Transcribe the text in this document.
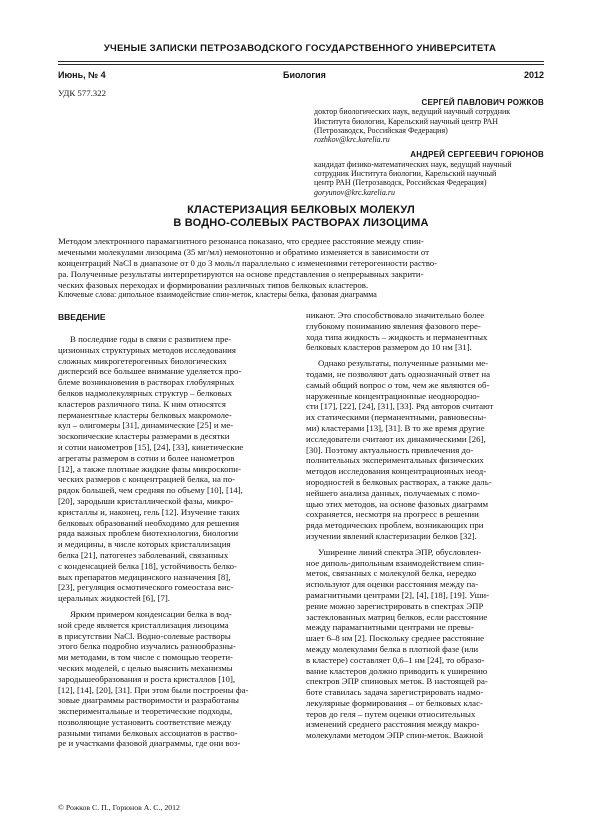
УЧЕНЫЕ ЗАПИСКИ ПЕТРОЗАВОДСКОГО ГОСУДАРСТВЕННОГО УНИВЕРСИТЕТА
Июнь, № 4	Биология	2012
УДК 577.322
СЕРГЕЙ ПАВЛОВИЧ РОЖКОВ
доктор биологических наук, ведущий научный сотрудник
Института биологии, Карельский научный центр РАН
(Петрозаводск, Российская Федерация)
rozhkov@krc.karelia.ru
АНДРЕЙ СЕРГЕЕВИЧ ГОРЮНОВ
кандидат физико-математических наук, ведущий научный
сотрудник Института биологии, Карельский научный
центр РАН (Петрозаводск, Российская Федерация)
goryunov@krc.karelia.ru
КЛАСТЕРИЗАЦИЯ БЕЛКОВЫХ МОЛЕКУЛ
В ВОДНО-СОЛЕВЫХ РАСТВОРАХ ЛИЗОЦИМА
Методом электронного парамагнитного резонанса показано, что среднее расстояние между спин-
мечеными молекулами лизоцима (35 мг/мл) немонотонно и обратимо изменяется в зависимости от
концентраций NaCl в диапазоне от 0 до 3 моль/л параллельно с изменениями гетерогенности раство-
ра. Полученные результаты интерпретируются на основе представления о непрерывных закрити-
ческих фазовых переходах и формировании различных типов белковых кластеров.
Ключевые слова: дипольное взаимодействие спин-меток, кластеры белка, фазовая диаграмма
ВВЕДЕНИЕ
В последние годы в связи с развитием пре-
цизионных структурных методов исследования
сложных микрогетерогенных биологических
дисперсий все большее внимание уделяется про-
блеме возникновения в растворах глобулярных
белков надмолекулярных структур – белковых
кластеров различного типа. К ним относятся
перманентные кластеры белковых макромоле-
кул – олигомеры [31], динамические [25] и ме-
зоскопические кластеры размерами в десятки
и сотни нанометров [15], [24], [33], кинетические
агрегаты размером в сотни и более нанометров
[12], а также плотные жидкие фазы микроскопи-
ческих размеров с концентрацией белка, на по-
рядок большей, чем средняя по объему [10], [14],
[20], зародыши кристаллической фазы, микро-
кристаллы и, наконец, гель [12]. Изучение таких
белковых образований необходимо для решения
ряда важных проблем биотехнологии, биологии
и медицины, в числе которых кристаллизация
белка [21], патогенез заболеваний, связанных
с конденсацией белка [18], устойчивость белко-
вых препаратов медицинского назначения [8],
[23], регуляция осмотического гомеостаза вис-
церальных жидкостей [6], [7].
Ярким примером конденсации белка в вод-
ной среде является кристаллизация лизоцима
в присутствии NaCl. Водно-солевые растворы
этого белка подробно изучались разнообразны-
ми методами, в том числе с помощью теорети-
ческих моделей, с целью выяснить механизмы
зародышеобразования и роста кристаллов [10],
[12], [14], [20], [31]. При этом были построены фа-
зовые диаграммы растворимости и разработаны
экспериментальные и теоретические подходы,
позволяющие установить соответствие между
разными типами белковых ассоциатов в раство-
ре и участками фазовой диаграммы, где они воз-
никают. Это способствовало значительно более
глубокому пониманию явления фазового пере-
хода типа жидкость – жидкость и перманентных
белковых кластеров размером до 10 нм [31].
Однако результаты, полученные разными ме-
тодами, не позволяют дать однозначный ответ на
самый общий вопрос о том, чем же являются об-
наруженные концентрационные неоднородно-
сти [17], [22], [24], [31], [33]. Ряд авторов считают
их статическими (перманентными, равновесны-
ми) кластерами [13], [31]. В то же время другие
исследователи считают их динамическими [26],
[30]. Поэтому актуальность привлечения до-
полнительных экспериментальных физических
методов исследования концентрационных неод-
нородностей в белковых растворах, а также даль-
нейшего анализа данных, получаемых с помо-
щью этих методов, на основе фазовых диаграмм
сохраняется, несмотря на прогресс в решении
ряда методических проблем, возникающих при
изучении явлений кластеризации белков [32].
Уширение линий спектра ЭПР, обусловлен-
ное диполь-дипольным взаимодействием спин-
меток, связанных с молекулой белка, нередко
используют для оценки расстояния между па-
рамагнитными центрами [2], [4], [18], [19]. Уши-
рение можно зарегистрировать в спектрах ЭПР
застеклованных матриц белков, если расстояние
между парамагнитными центрами не превы-
шает 6–8 нм [2]. Поскольку среднее расстояние
между молекулами белка в плотной фазе (или
в кластере) составляет 0,6–1 нм [24], то образо-
вание кластеров должно приводить к уширению
спектров ЭПР спиновых меток. В настоящей ра-
боте ставилась задача зарегистрировать надмо-
лекулярные формирования – от белковых клас-
теров до геля – путем оценки относительных
изменений среднего расстояния между макро-
молекулами методом ЭПР спин-меток. Важной
© Рожков С. П., Горюнов А. С., 2012
